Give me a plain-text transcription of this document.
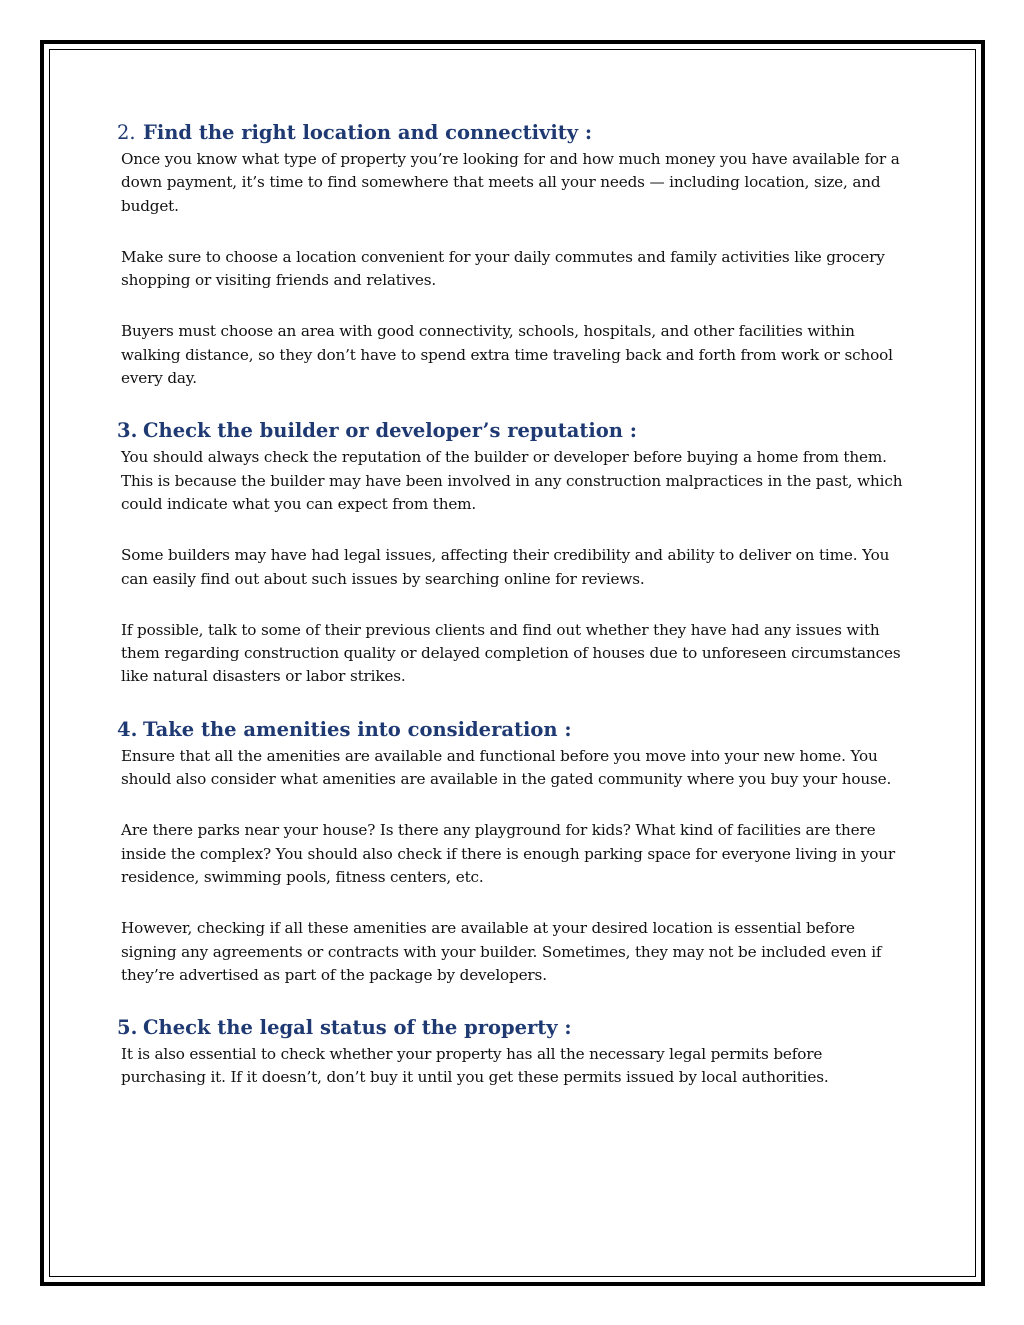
2. Find the right location and connectivity :

Once you know what type of property you’re looking for and how much money you have available for a down payment, it’s time to find somewhere that meets all your needs — including location, size, and budget.

Make sure to choose a location convenient for your daily commutes and family activities like grocery shopping or visiting friends and relatives.

Buyers must choose an area with good connectivity, schools, hospitals, and other facilities within walking distance, so they don’t have to spend extra time traveling back and forth from work or school every day.

3. Check the builder or developer’s reputation :

You should always check the reputation of the builder or developer before buying a home from them. This is because the builder may have been involved in any construction malpractices in the past, which could indicate what you can expect from them.

Some builders may have had legal issues, affecting their credibility and ability to deliver on time. You can easily find out about such issues by searching online for reviews.

If possible, talk to some of their previous clients and find out whether they have had any issues with them regarding construction quality or delayed completion of houses due to unforeseen circumstances like natural disasters or labor strikes.

4. Take the amenities into consideration :

Ensure that all the amenities are available and functional before you move into your new home. You should also consider what amenities are available in the gated community where you buy your house.

Are there parks near your house? Is there any playground for kids? What kind of facilities are there inside the complex? You should also check if there is enough parking space for everyone living in your residence, swimming pools, fitness centers, etc.

However, checking if all these amenities are available at your desired location is essential before signing any agreements or contracts with your builder. Sometimes, they may not be included even if they’re advertised as part of the package by developers.

5. Check the legal status of the property :

It is also essential to check whether your property has all the necessary legal permits before purchasing it. If it doesn’t, don’t buy it until you get these permits issued by local authorities.
